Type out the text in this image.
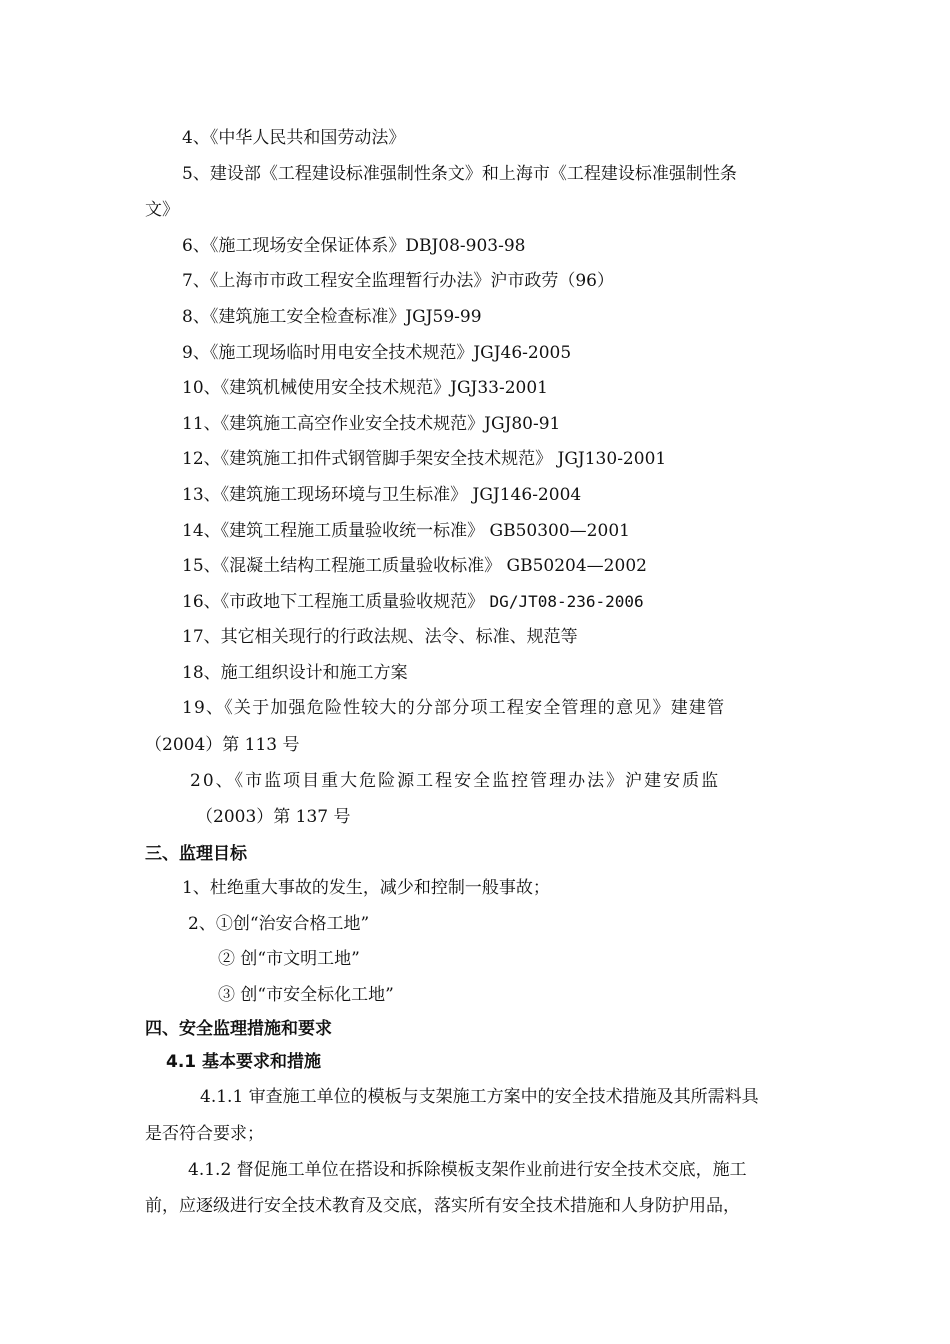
4、《中华人民共和国劳动法》
5、建设部《工程建设标准强制性条文》和上海市《工程建设标准强制性条
文》
6、《施工现场安全保证体系》DBJ08-903-98
7、《上海市市政工程安全监理暂行办法》沪市政劳（96）
8、《建筑施工安全检查标准》JGJ59-99
9、《施工现场临时用电安全技术规范》JGJ46-2005
10、《建筑机械使用安全技术规范》JGJ33-2001
11、《建筑施工高空作业安全技术规范》JGJ80-91
12、《建筑施工扣件式钢管脚手架安全技术规范》 JGJ130-2001
13、《建筑施工现场环境与卫生标准》 JGJ146-2004
14、《建筑工程施工质量验收统一标准》 GB50300—2001
15、《混凝土结构工程施工质量验收标准》 GB50204—2002
16、《市政地下工程施工质量验收规范》 DG/JT08-236-2006
17、其它相关现行的行政法规、法令、标准、规范等
18、施工组织设计和施工方案
19、《关于加强危险性较大的分部分项工程安全管理的意见》建建管
（2004）第 113 号
20、《市监项目重大危险源工程安全监控管理办法》沪建安质监
（2003）第 137 号
三、监理目标
1、杜绝重大事故的发生，减少和控制一般事故；
2、①创“治安合格工地”
② 创“市文明工地”
③ 创“市安全标化工地”
四、安全监理措施和要求
4.1 基本要求和措施
4.1.1 审查施工单位的模板与支架施工方案中的安全技术措施及其所需料具
是否符合要求；
4.1.2 督促施工单位在搭设和拆除模板支架作业前进行安全技术交底，施工
前，应逐级进行安全技术教育及交底，落实所有安全技术措施和人身防护用品，
